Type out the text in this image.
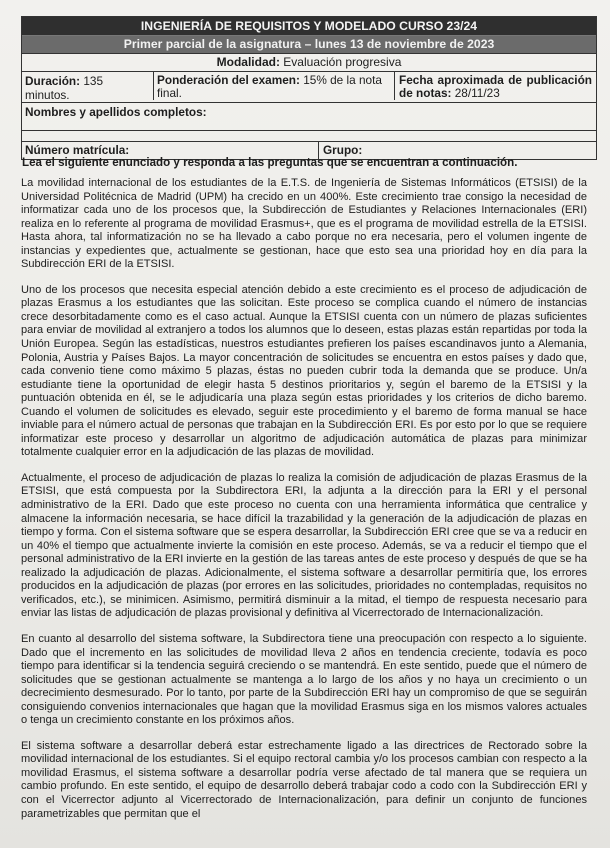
INGENIERÍA DE REQUISITOS Y MODELADO CURSO 23/24
Primer parcial de la asignatura – lunes 13 de noviembre de 2023
Modalidad: Evaluación progresiva
Duración: 135 minutos.
Ponderación del examen: 15% de la nota final.
Fecha aproximada de publicación de notas: 28/11/23
Nombres y apellidos completos:
Número matrícula:	Grupo:
Lea el siguiente enunciado y responda a las preguntas que se encuentran a continuación.

La movilidad internacional de los estudiantes de la E.T.S. de Ingeniería de Sistemas Informáticos (ETSISI) de la Universidad Politécnica de Madrid (UPM) ha crecido en un 400%. Este crecimiento trae consigo la necesidad de informatizar cada uno de los procesos que, la Subdirección de Estudiantes y Relaciones Internacionales (ERI) realiza en lo referente al programa de movilidad Erasmus+, que es el programa de movilidad estrella de la ETSISI. Hasta ahora, tal informatización no se ha llevado a cabo porque no era necesaria, pero el volumen ingente de instancias y expedientes que, actualmente se gestionan, hace que esto sea una prioridad hoy en día para la Subdirección ERI de la ETSISI.

Uno de los procesos que necesita especial atención debido a este crecimiento es el proceso de adjudicación de plazas Erasmus a los estudiantes que las solicitan. Este proceso se complica cuando el número de instancias crece desorbitadamente como es el caso actual. Aunque la ETSISI cuenta con un número de plazas suficientes para enviar de movilidad al extranjero a todos los alumnos que lo deseen, estas plazas están repartidas por toda la Unión Europea. Según las estadísticas, nuestros estudiantes prefieren los países escandinavos junto a Alemania, Polonia, Austria y Países Bajos. La mayor concentración de solicitudes se encuentra en estos países y dado que, cada convenio tiene como máximo 5 plazas, éstas no pueden cubrir toda la demanda que se produce. Un/a estudiante tiene la oportunidad de elegir hasta 5 destinos prioritarios y, según el baremo de la ETSISI y la puntuación obtenida en él, se le adjudicaría una plaza según estas prioridades y los criterios de dicho baremo. Cuando el volumen de solicitudes es elevado, seguir este procedimiento y el baremo de forma manual se hace inviable para el número actual de personas que trabajan en la Subdirección ERI. Es por esto por lo que se requiere informatizar este proceso y desarrollar un algoritmo de adjudicación automática de plazas para minimizar totalmente cualquier error en la adjudicación de las plazas de movilidad.

Actualmente, el proceso de adjudicación de plazas lo realiza la comisión de adjudicación de plazas Erasmus de la ETSISI, que está compuesta por la Subdirectora ERI, la adjunta a la dirección para la ERI y el personal administrativo de la ERI. Dado que este proceso no cuenta con una herramienta informática que centralice y almacene la información necesaria, se hace difícil la trazabilidad y la generación de la adjudicación de plazas en tiempo y forma. Con el sistema software que se espera desarrollar, la Subdirección ERI cree que se va a reducir en un 40% el tiempo que actualmente invierte la comisión en este proceso. Además, se va a reducir el tiempo que el personal administrativo de la ERI invierte en la gestión de las tareas antes de este proceso y después de que se ha realizado la adjudicación de plazas. Adicionalmente, el sistema software a desarrollar permitiría que, los errores producidos en la adjudicación de plazas (por errores en las solicitudes, prioridades no contempladas, requisitos no verificados, etc.), se minimicen. Asimismo, permitirá disminuir a la mitad, el tiempo de respuesta necesario para enviar las listas de adjudicación de plazas provisional y definitiva al Vicerrectorado de Internacionalización.

En cuanto al desarrollo del sistema software, la Subdirectora tiene una preocupación con respecto a lo siguiente. Dado que el incremento en las solicitudes de movilidad lleva 2 años en tendencia creciente, todavía es poco tiempo para identificar si la tendencia seguirá creciendo o se mantendrá. En este sentido, puede que el número de solicitudes que se gestionan actualmente se mantenga a lo largo de los años y no haya un crecimiento o un decrecimiento desmesurado. Por lo tanto, por parte de la Subdirección ERI hay un compromiso de que se seguirán consiguiendo convenios internacionales que hagan que la movilidad Erasmus siga en los mismos valores actuales o tenga un crecimiento constante en los próximos años.

El sistema software a desarrollar deberá estar estrechamente ligado a las directrices de Rectorado sobre la movilidad internacional de los estudiantes. Si el equipo rectoral cambia y/o los procesos cambian con respecto a la movilidad Erasmus, el sistema software a desarrollar podría verse afectado de tal manera que se requiera un cambio profundo. En este sentido, el equipo de desarrollo deberá trabajar codo a codo con la Subdirección ERI y con el Vicerrector adjunto al Vicerrectorado de Internacionalización, para definir un conjunto de funciones parametrizables que permitan que el
